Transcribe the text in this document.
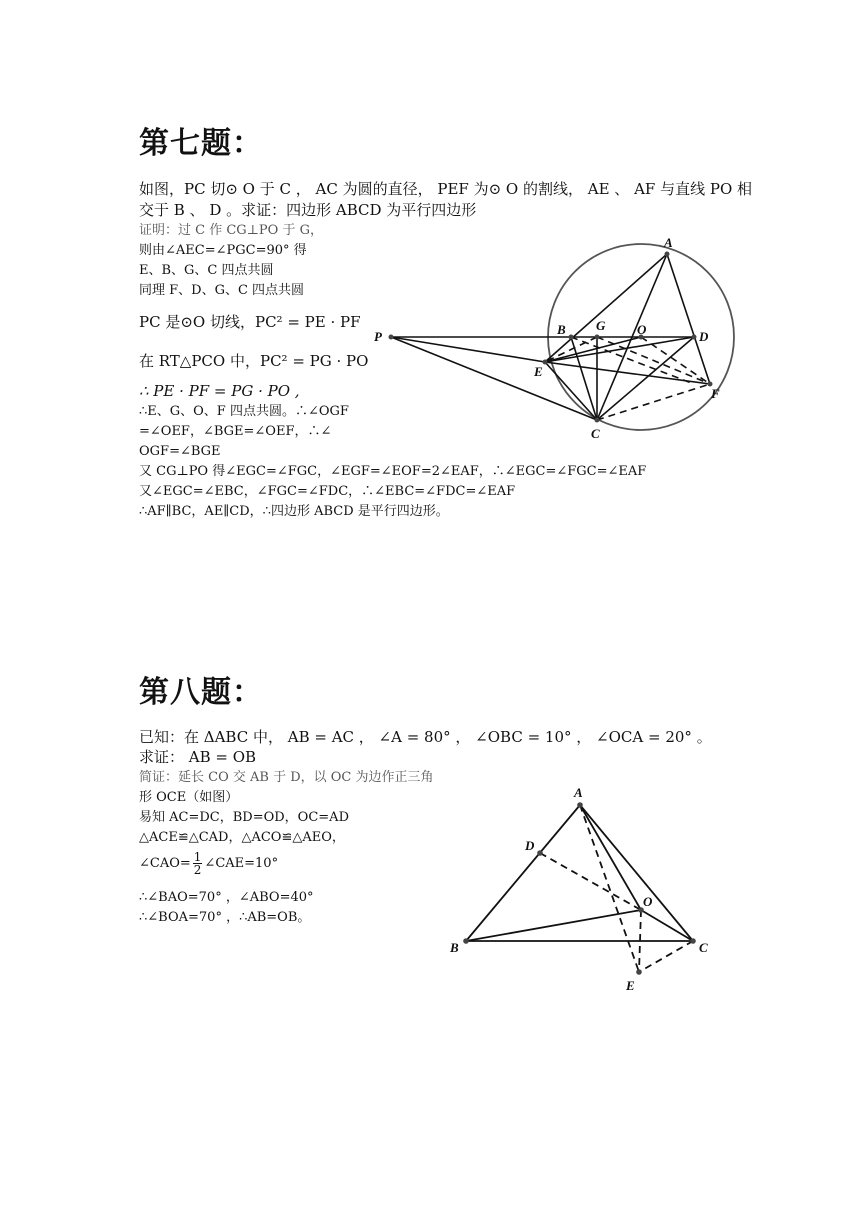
第七题：
如图，PC 切⊙ O 于 C ， AC 为圆的直径， PEF 为⊙ O 的割线， AE 、 AF 与直线 PO 相
交于 B 、 D 。求证：四边形 ABCD 为平行四边形
证明：过 C 作 CG⊥PO 于 G，
则由∠AEC=∠PGC=90° 得
E、B、G、C 四点共圆
同理 F、D、G、C 四点共圆
PC 是⊙O 切线，PC² = PE · PF
在 RT△PCO 中，PC² = PG · PO
∴ PE · PF = PG · PO ,
∴E、G、O、F 四点共圆。∴∠OGF
=∠OEF，∠BGE=∠OEF，∴∠
OGF=∠BGE
又 CG⊥PO 得∠EGC=∠FGC，∠EGF=∠EOF=2∠EAF，∴∠EGC=∠FGC=∠EAF
又∠EGC=∠EBC，∠FGC=∠FDC，∴∠EBC=∠FDC=∠EAF
∴AF∥BC，AE∥CD，∴四边形 ABCD 是平行四边形。
A
B G O	D
P
E
F
C
第八题：
已知：在 ΔABC 中， AB = AC ， ∠A = 80° ， ∠OBC = 10° ， ∠OCA = 20° 。
求证： AB = OB
简证：延长 CO 交 AB 于 D，以 OC 为边作正三角
形 OCE（如图）
易知 AC=DC，BD=OD，OC=AD
△ACE≌△CAD，△ACO≌△AEO，
∠CAO= $\frac{1}{2}$ ∠CAE=10°
∴∠BAO=70° ，∠ABO=40°
∴∠BOA=70° ，∴AB=OB。
A
D
O
B	C
E
